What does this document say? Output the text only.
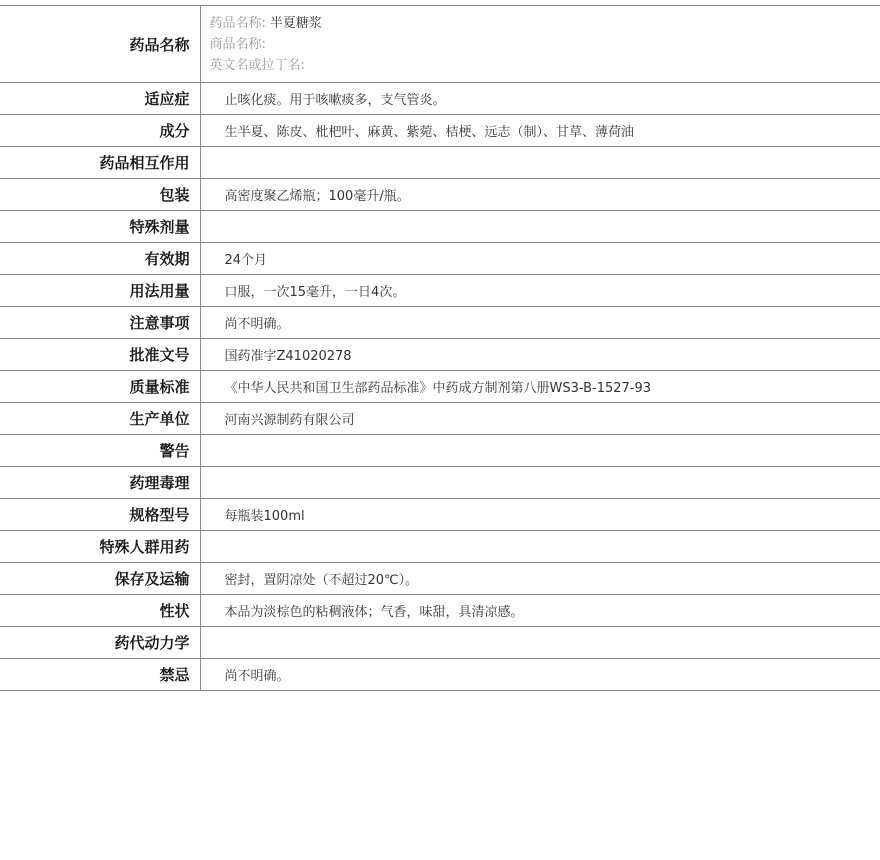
药品名称	药品名称: 半夏糖浆
商品名称:
英文名或拉丁名:

适应症	止咳化痰。用于咳嗽痰多，支气管炎。
成分	生半夏、陈皮、枇杷叶、麻黄、紫菀、桔梗、远志（制）、甘草、薄荷油
药品相互作用	
包装	高密度聚乙烯瓶；100毫升/瓶。
特殊剂量	
有效期	24个月
用法用量	口服，一次15毫升，一日4次。
注意事项	尚不明确。
批准文号	国药准字Z41020278
质量标准	《中华人民共和国卫生部药品标准》中药成方制剂第八册WS3-B-1527-93
生产单位	河南兴源制药有限公司
警告	
药理毒理	
规格型号	每瓶装100ml
特殊人群用药	
保存及运输	密封，置阴凉处（不超过20℃）。
性状	本品为淡棕色的粘稠液体；气香，味甜，具清凉感。
药代动力学	
禁忌	尚不明确。
